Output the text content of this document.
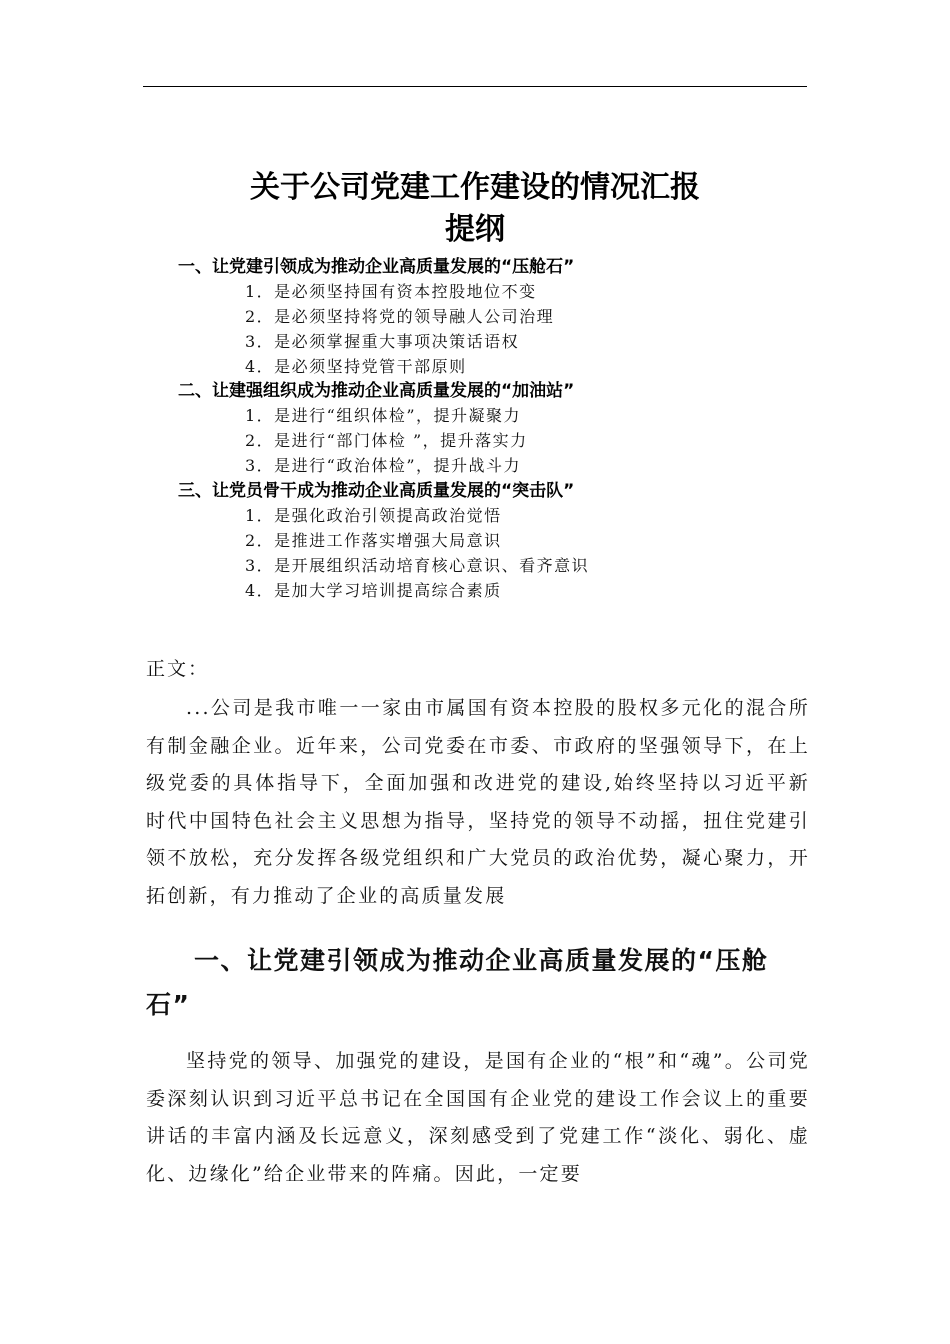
关于公司党建工作建设的情况汇报
提纲
一、让党建引领成为推动企业高质量发展的“压舱石”
1．是必须坚持国有资本控股地位不变
2．是必须坚持将党的领导融人公司治理
3．是必须掌握重大事项决策话语权
4．是必须坚持党管干部原则
二、让建强组织成为推动企业高质量发展的“加油站”
1．是进行“组织体检”，提升凝聚力
2．是进行“部门体检 ”，提升落实力
3．是进行“政治体检”，提升战斗力
三、让党员骨干成为推动企业高质量发展的“突击队”
1．是强化政治引领提高政治觉悟
2．是推进工作落实增强大局意识
3．是开展组织活动培育核心意识、看齐意识
4．是加大学习培训提高综合素质
正文：

...公司是我市唯一一家由市属国有资本控股的股权多元化的混合所有制金融企业。近年来，公司党委在市委、市政府的坚强领导下，在上级党委的具体指导下，全面加强和改进党的建设,始终坚持以习近平新时代中国特色社会主义思想为指导，坚持党的领导不动摇，扭住党建引领不放松，充分发挥各级党组织和广大党员的政治优势，凝心聚力，开拓创新，有力推动了企业的高质量发展

一、让党建引领成为推动企业高质量发展的“压舱石”

坚持党的领导、加强党的建设，是国有企业的“根”和“魂”。公司党委深刻认识到习近平总书记在全国国有企业党的建设工作会议上的重要讲话的丰富内涵及长远意义，深刻感受到了党建工作“淡化、弱化、虚化、边缘化”给企业带来的阵痛。因此，一定要
